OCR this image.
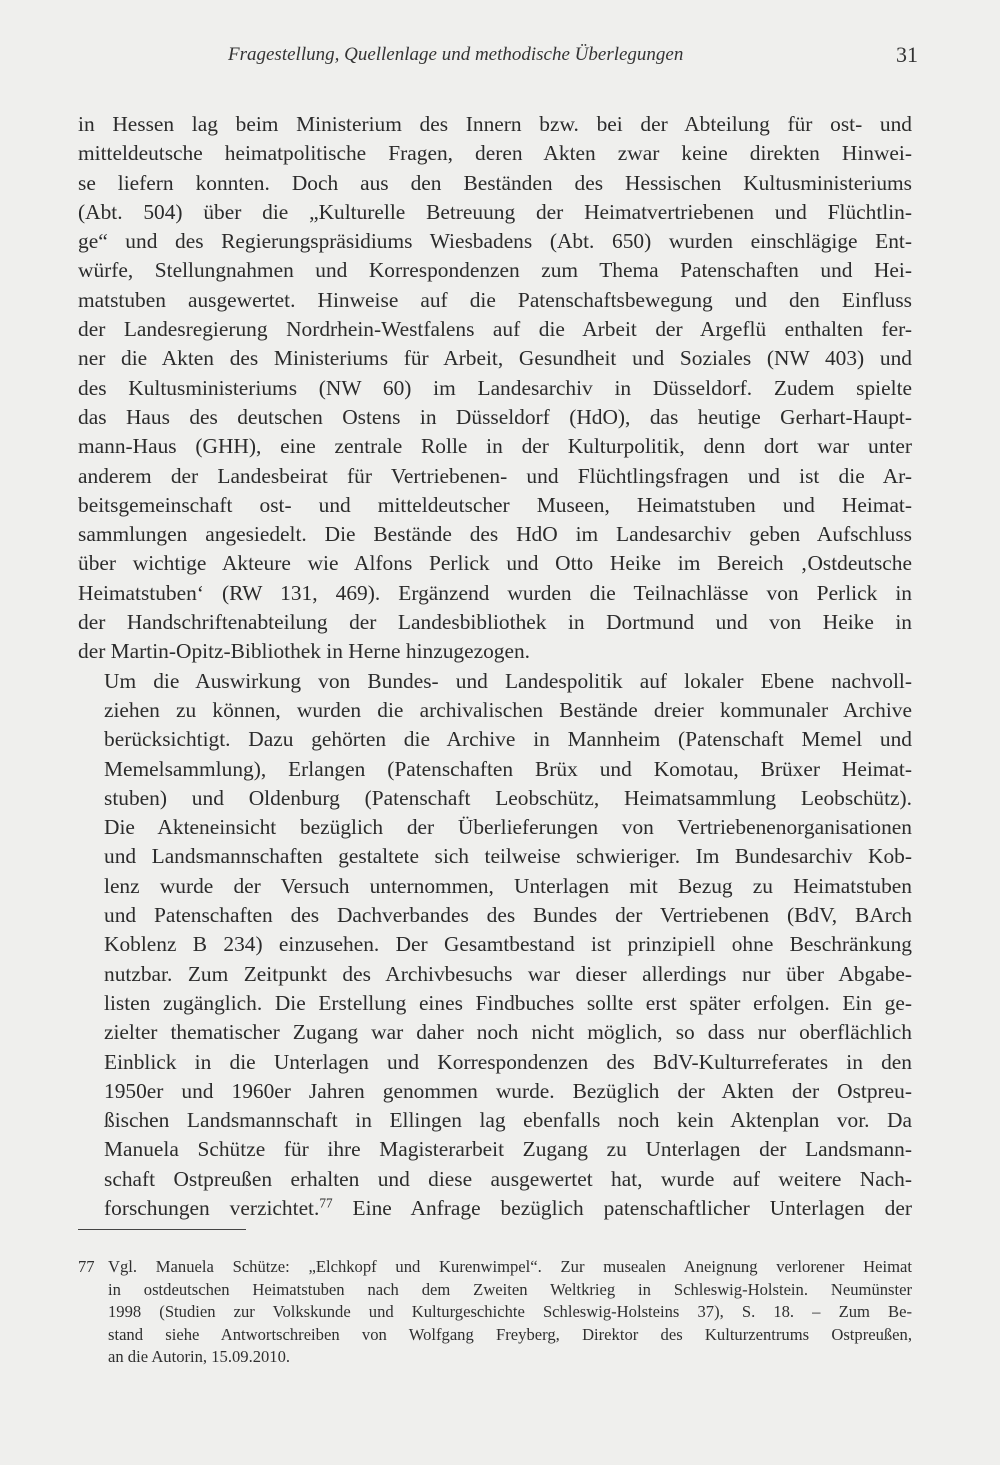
Fragestellung, Quellenlage und methodische Überlegungen	31

in Hessen lag beim Ministerium des Innern bzw. bei der Abteilung für ost- und
mitteldeutsche heimatpolitische Fragen, deren Akten zwar keine direkten Hinwei-
se liefern konnten. Doch aus den Beständen des Hessischen Kultusministeriums
(Abt. 504) über die „Kulturelle Betreuung der Heimatvertriebenen und Flüchtlin-
ge“ und des Regierungspräsidiums Wiesbadens (Abt. 650) wurden einschlägige Ent-
würfe, Stellungnahmen und Korrespondenzen zum Thema Patenschaften und Hei-
matstuben ausgewertet. Hinweise auf die Patenschaftsbewegung und den Einfluss
der Landesregierung Nordrhein-Westfalens auf die Arbeit der Argeflü enthalten fer-
ner die Akten des Ministeriums für Arbeit, Gesundheit und Soziales (NW 403) und
des Kultusministeriums (NW 60) im Landesarchiv in Düsseldorf. Zudem spielte
das Haus des deutschen Ostens in Düsseldorf (HdO), das heutige Gerhart-Haupt-
mann-Haus (GHH), eine zentrale Rolle in der Kulturpolitik, denn dort war unter
anderem der Landesbeirat für Vertriebenen- und Flüchtlingsfragen und ist die Ar-
beitsgemeinschaft ost- und mitteldeutscher Museen, Heimatstuben und Heimat-
sammlungen angesiedelt. Die Bestände des HdO im Landesarchiv geben Aufschluss
über wichtige Akteure wie Alfons Perlick und Otto Heike im Bereich ‚Ostdeutsche
Heimatstuben‘ (RW 131, 469). Ergänzend wurden die Teilnachlässe von Perlick in
der Handschriftenabteilung der Landesbibliothek in Dortmund und von Heike in
der Martin-Opitz-Bibliothek in Herne hinzugezogen.

Um die Auswirkung von Bundes- und Landespolitik auf lokaler Ebene nachvoll-
ziehen zu können, wurden die archivalischen Bestände dreier kommunaler Archive
berücksichtigt. Dazu gehörten die Archive in Mannheim (Patenschaft Memel und
Memelsammlung), Erlangen (Patenschaften Brüx und Komotau, Brüxer Heimat-
stuben) und Oldenburg (Patenschaft Leobschütz, Heimatsammlung Leobschütz).
Die Akteneinsicht bezüglich der Überlieferungen von Vertriebenenorganisationen
und Landsmannschaften gestaltete sich teilweise schwieriger. Im Bundesarchiv Kob-
lenz wurde der Versuch unternommen, Unterlagen mit Bezug zu Heimatstuben
und Patenschaften des Dachverbandes des Bundes der Vertriebenen (BdV, BArch
Koblenz B 234) einzusehen. Der Gesamtbestand ist prinzipiell ohne Beschränkung
nutzbar. Zum Zeitpunkt des Archivbesuchs war dieser allerdings nur über Abgabe-
listen zugänglich. Die Erstellung eines Findbuches sollte erst später erfolgen. Ein ge-
zielter thematischer Zugang war daher noch nicht möglich, so dass nur oberflächlich
Einblick in die Unterlagen und Korrespondenzen des BdV-Kulturreferates in den
1950er und 1960er Jahren genommen wurde. Bezüglich der Akten der Ostpreu-
ßischen Landsmannschaft in Ellingen lag ebenfalls noch kein Aktenplan vor. Da
Manuela Schütze für ihre Magisterarbeit Zugang zu Unterlagen der Landsmann-
schaft Ostpreußen erhalten und diese ausgewertet hat, wurde auf weitere Nach-
forschungen verzichtet.$^{77}$ Eine Anfrage bezüglich patenschaftlicher Unterlagen der

77 Vgl. Manuela Schütze: „Elchkopf und Kurenwimpel“. Zur musealen Aneignung verlorener Heimat
in ostdeutschen Heimatstuben nach dem Zweiten Weltkrieg in Schleswig-Holstein. Neumünster
1998 (Studien zur Volkskunde und Kulturgeschichte Schleswig-Holsteins 37), S. 18. – Zum Be-
stand siehe Antwortschreiben von Wolfgang Freyberg, Direktor des Kulturzentrums Ostpreußen,
an die Autorin, 15.09.2010.
